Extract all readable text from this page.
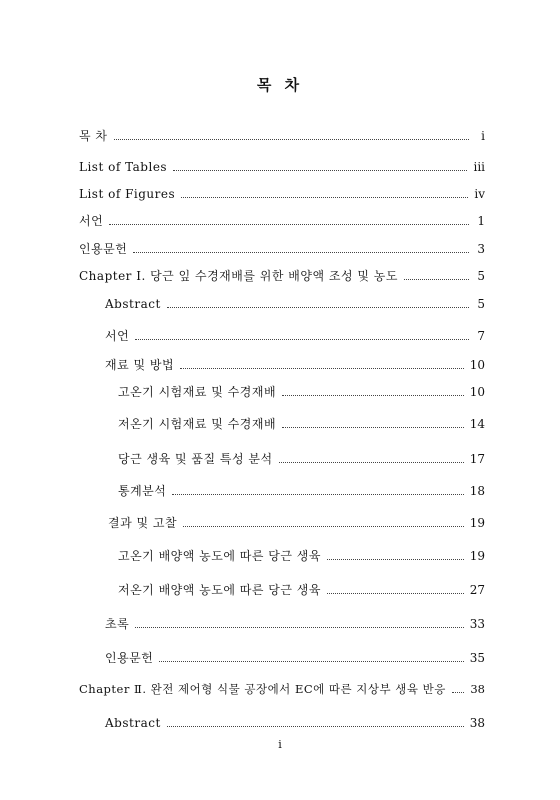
목 차
목 차	i
List of Tables	iii
List of Figures	iv
서언	1
인용문헌	3
Chapter Ⅰ. 당근 잎 수경재배를 위한 배양액 조성 및 농도	5
Abstract	5
서언	7
재료 및 방법	10
고온기 시험재료 및 수경재배	10
저온기 시험재료 및 수경재배	14
당근 생육 및 품질 특성 분석	17
통계분석	18
결과 및 고찰	19
고온기 배양액 농도에 따른 당근 생육	19
저온기 배양액 농도에 따른 당근 생육	27
초록	33
인용문헌	35
Chapter Ⅱ. 완전 제어형 식물 공장에서 EC에 따른 지상부 생육 반응 38
Abstract	38
i
